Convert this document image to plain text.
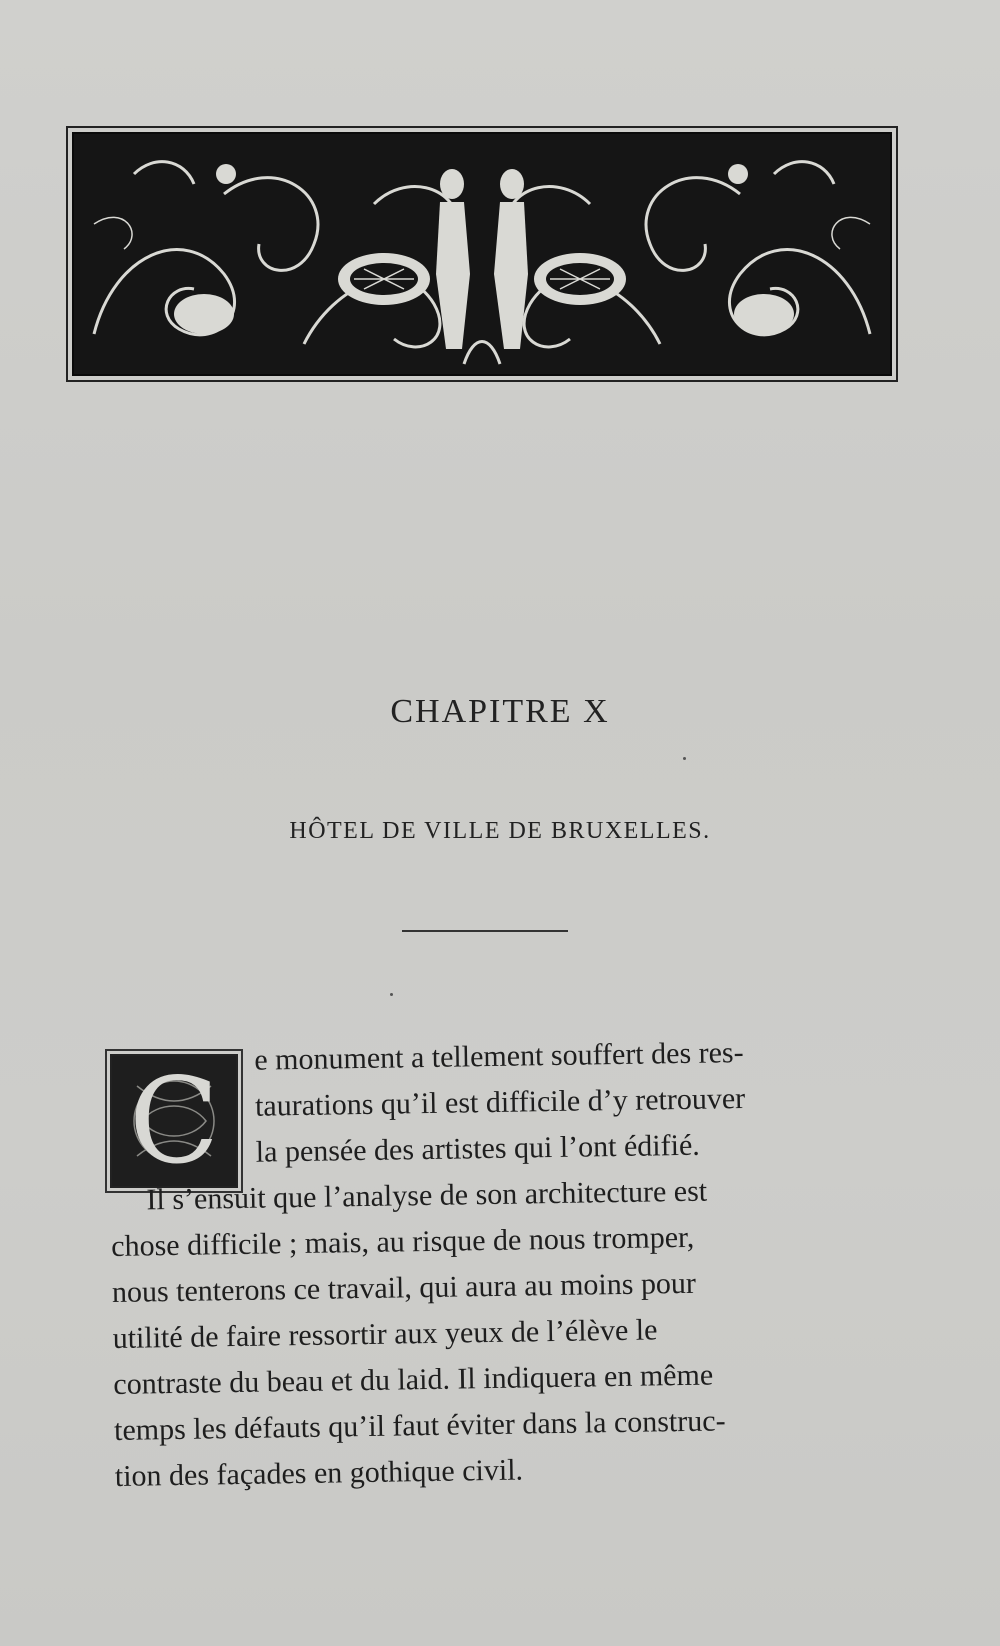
CHAPITRE X
HÔTEL DE VILLE DE BRUXELLES.
C	e monument a tellement souffert des res-
taurations qu’il est difficile d’y retrouver
la pensée des artistes qui l’ont édifié.
Il s’ensuit que l’analyse de son architecture est
chose difficile ; mais, au risque de nous tromper,
nous tenterons ce travail, qui aura au moins pour
utilité de faire ressortir aux yeux de l’élève le
contraste du beau et du laid. Il indiquera en même
temps les défauts qu’il faut éviter dans la construc-
tion des façades en gothique civil.
